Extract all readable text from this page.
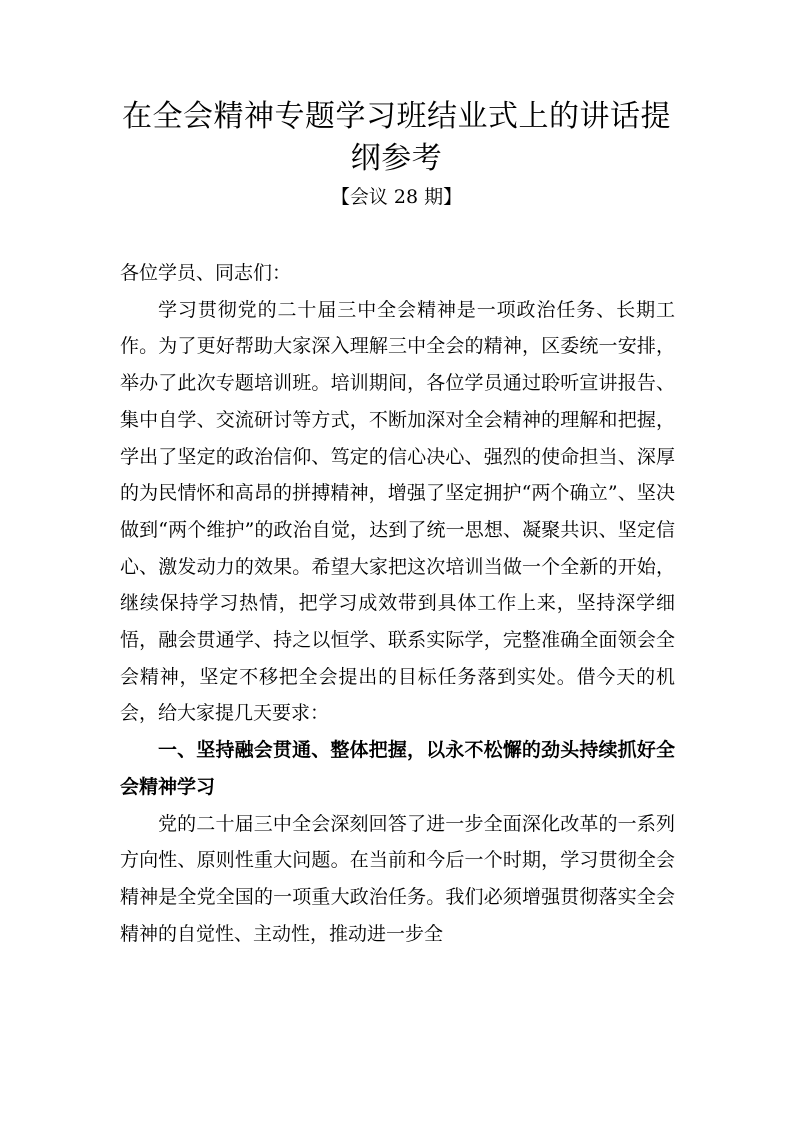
在全会精神专题学习班结业式上的讲话提纲参考
【会议 28 期】

各位学员、同志们：

学习贯彻党的二十届三中全会精神是一项政治任务、长期工作。为了更好帮助大家深入理解三中全会的精神，区委统一安排，举办了此次专题培训班。培训期间，各位学员通过聆听宣讲报告、集中自学、交流研讨等方式，不断加深对全会精神的理解和把握，学出了坚定的政治信仰、笃定的信心决心、强烈的使命担当、深厚的为民情怀和高昂的拼搏精神，增强了坚定拥护“两个确立”、坚决做到“两个维护”的政治自觉，达到了统一思想、凝聚共识、坚定信心、激发动力的效果。希望大家把这次培训当做一个全新的开始，继续保持学习热情，把学习成效带到具体工作上来，坚持深学细悟，融会贯通学、持之以恒学、联系实际学，完整准确全面领会全会精神，坚定不移把全会提出的目标任务落到实处。借今天的机会，给大家提几天要求：

一、坚持融会贯通、整体把握，以永不松懈的劲头持续抓好全会精神学习

党的二十届三中全会深刻回答了进一步全面深化改革的一系列方向性、原则性重大问题。在当前和今后一个时期，学习贯彻全会精神是全党全国的一项重大政治任务。我们必须增强贯彻落实全会精神的自觉性、主动性，推动进一步全
